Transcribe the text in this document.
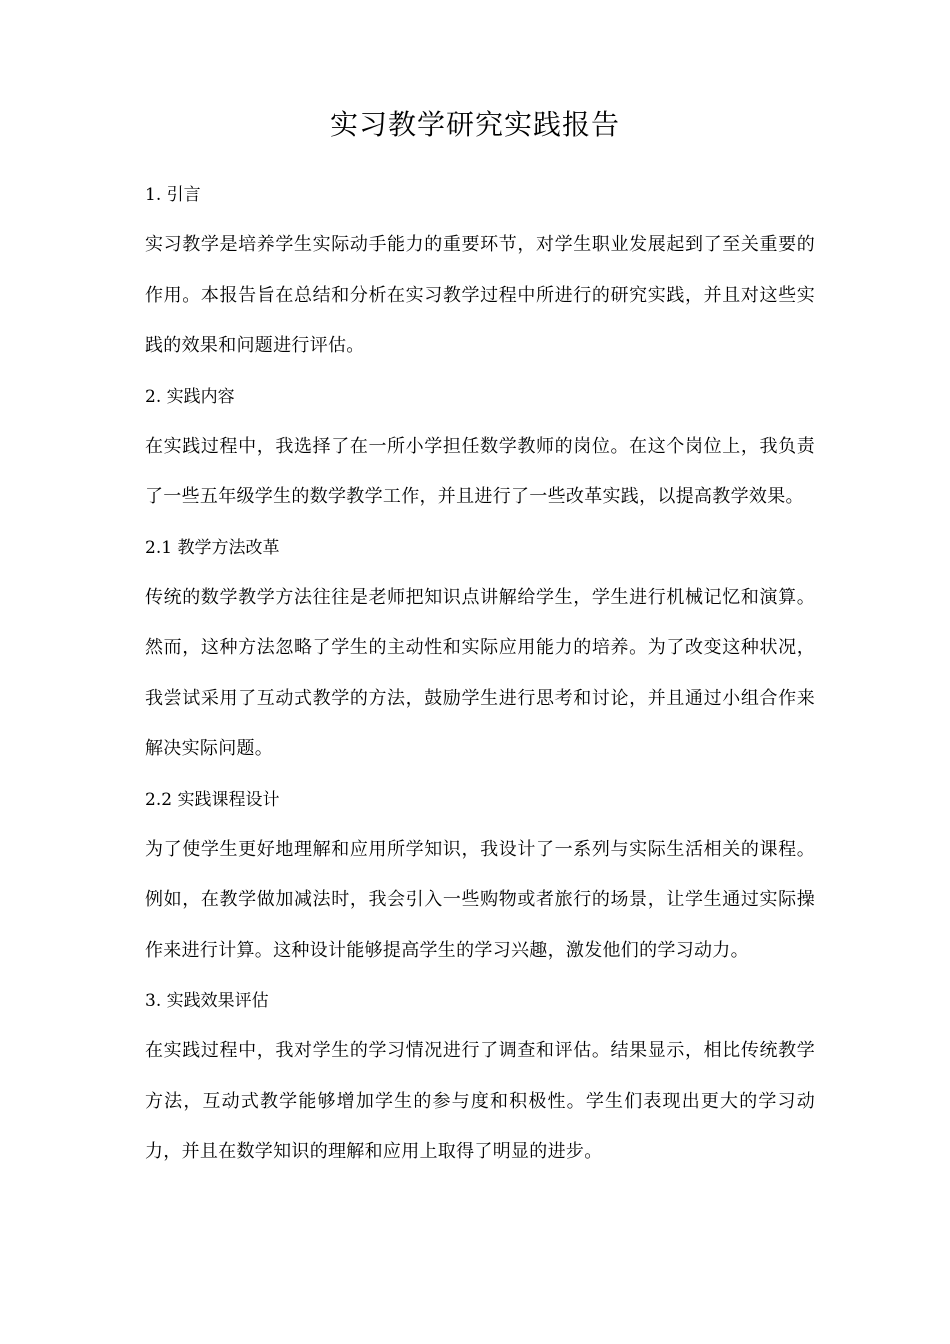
实习教学研究实践报告

1. 引言

实习教学是培养学生实际动手能力的重要环节，对学生职业发展起到了至关重要的作用。本报告旨在总结和分析在实习教学过程中所进行的研究实践，并且对这些实践的效果和问题进行评估。

2. 实践内容

在实践过程中，我选择了在一所小学担任数学教师的岗位。在这个岗位上，我负责了一些五年级学生的数学教学工作，并且进行了一些改革实践，以提高教学效果。

2.1 教学方法改革

传统的数学教学方法往往是老师把知识点讲解给学生，学生进行机械记忆和演算。然而，这种方法忽略了学生的主动性和实际应用能力的培养。为了改变这种状况，我尝试采用了互动式教学的方法，鼓励学生进行思考和讨论，并且通过小组合作来解决实际问题。

2.2 实践课程设计

为了使学生更好地理解和应用所学知识，我设计了一系列与实际生活相关的课程。例如，在教学做加减法时，我会引入一些购物或者旅行的场景，让学生通过实际操作来进行计算。这种设计能够提高学生的学习兴趣，激发他们的学习动力。

3. 实践效果评估

在实践过程中，我对学生的学习情况进行了调查和评估。结果显示，相比传统教学方法，互动式教学能够增加学生的参与度和积极性。学生们表现出更大的学习动力，并且在数学知识的理解和应用上取得了明显的进步。
